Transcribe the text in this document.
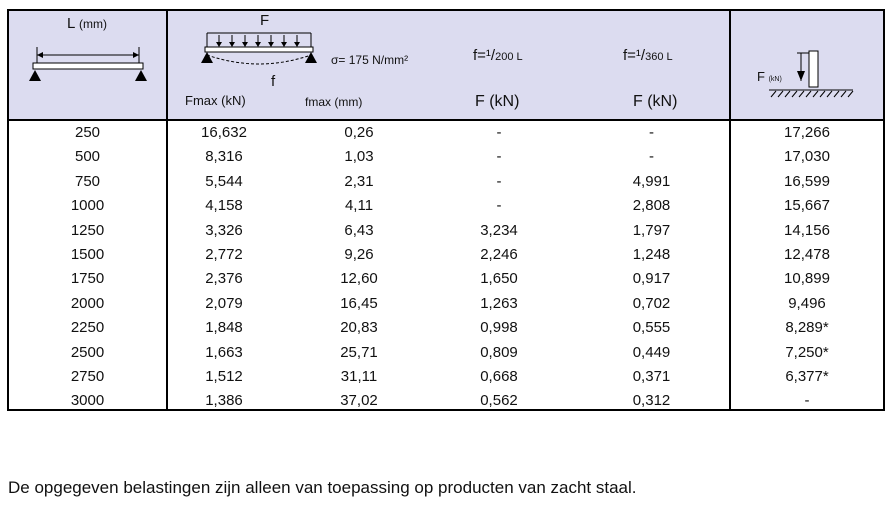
L (mm)	F
f
σ= 175 N/mm²
Fmax (kN)	fmax (mm)
f=¹/200 L
F (kN)
f=¹/360 L
F (kN)
F (kN)
250	16,632	0,26	-	-	17,266
500	8,316	1,03	-	-	17,030
750	5,544	2,31	-	4,991	16,599
1000	4,158	4,11	-	2,808	15,667
1250	3,326	6,43	3,234	1,797	14,156
1500	2,772	9,26	2,246	1,248	12,478
1750	2,376	12,60	1,650	0,917	10,899
2000	2,079	16,45	1,263	0,702	9,496
2250	1,848	20,83	0,998	0,555	8,289*
2500	1,663	25,71	0,809	0,449	7,250*
2750	1,512	31,11	0,668	0,371	6,377*
3000	1,386	37,02	0,562	0,312	-
De opgegeven belastingen zijn alleen van toepassing op producten van zacht staal.
